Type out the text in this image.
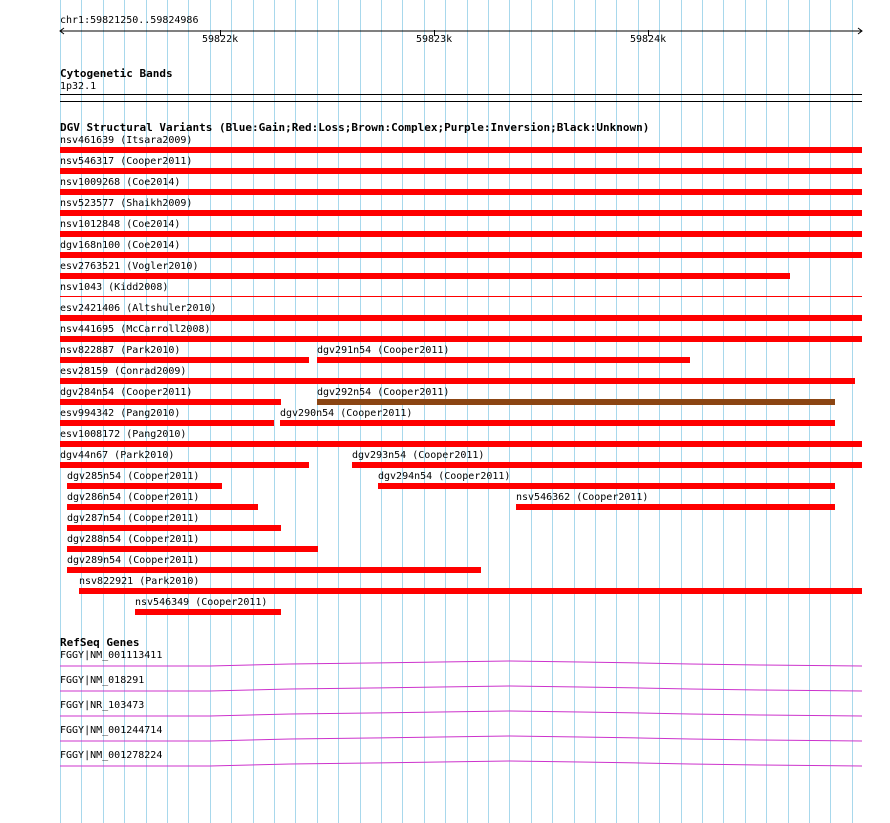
chr1:59821250..59824986
59822k	59823k	59824k
Cytogenetic Bands
1p32.1
DGV Structural Variants (Blue:Gain;Red:Loss;Brown:Complex;Purple:Inversion;Black:Unknown)
nsv461639 (Itsara2009)
nsv546317 (Cooper2011)
nsv1009268 (Coe2014)
nsv523577 (Shaikh2009)
nsv1012848 (Coe2014)
dgv168n100 (Coe2014)
esv2763521 (Vogler2010)
nsv1043 (Kidd2008)
esv2421406 (Altshuler2010)
nsv441695 (McCarroll2008)
nsv822887 (Park2010)	dgv291n54 (Cooper2011)
esv28159 (Conrad2009)
dgv284n54 (Cooper2011)	dgv292n54 (Cooper2011)
esv994342 (Pang2010)	dgv290n54 (Cooper2011)
esv1008172 (Pang2010)
dgv44n67 (Park2010)	dgv293n54 (Cooper2011)
dgv285n54 (Cooper2011)	dgv294n54 (Cooper2011)
dgv286n54 (Cooper2011)	nsv546362 (Cooper2011)
dgv287n54 (Cooper2011)
dgv288n54 (Cooper2011)
dgv289n54 (Cooper2011)
nsv822921 (Park2010)
nsv546349 (Cooper2011)
RefSeq Genes
FGGY|NM_001113411
FGGY|NM_018291
FGGY|NR_103473
FGGY|NM_001244714
FGGY|NM_001278224
